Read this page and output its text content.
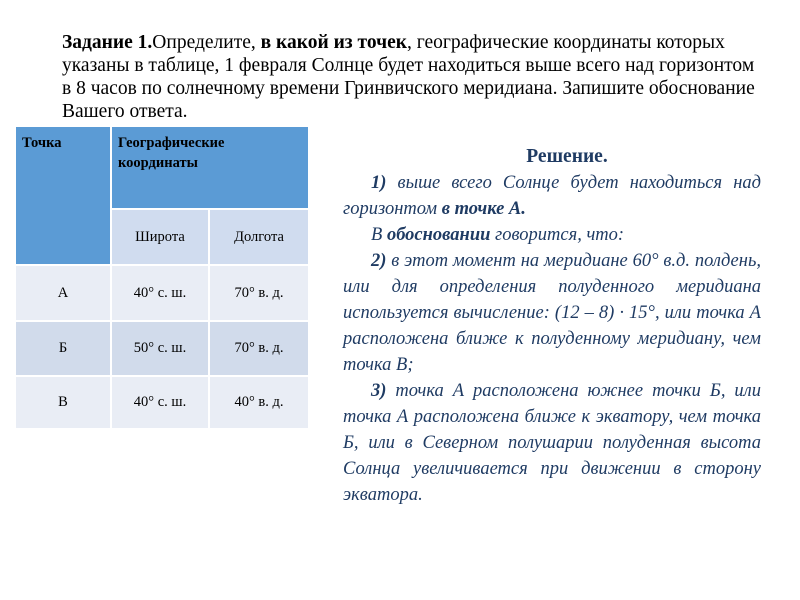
Задание 1.Определите, в какой из точек, географические координаты которых указаны в таблице, 1 февраля Солнце будет находиться выше всего над горизонтом в 8 часов по солнечному времени Гринвичского меридиана. Запишите обоснование Вашего ответа.
Точка	Географические координаты	
	Широта	Долгота
А	40° с. ш.	70° в. д.
Б	50° с. ш.	70° в. д.
В	40° с. ш.	40° в. д.
Решение.

1) выше всего Солнце будет находиться над горизонтом в точке А.

В обосновании говорится, что:

2) в этот момент на меридиане 60° в.д. полдень, или для определения полуденного меридиана используется вычисление: (12 – 8) · 15°, или точка А расположена ближе к полуденному меридиану, чем точка В;

3) точка А расположена южнее точки Б, или точка А расположена ближе к экватору, чем точка Б, или в Северном полушарии полуденная высота Солнца увеличивается при движении в сторону экватора.
